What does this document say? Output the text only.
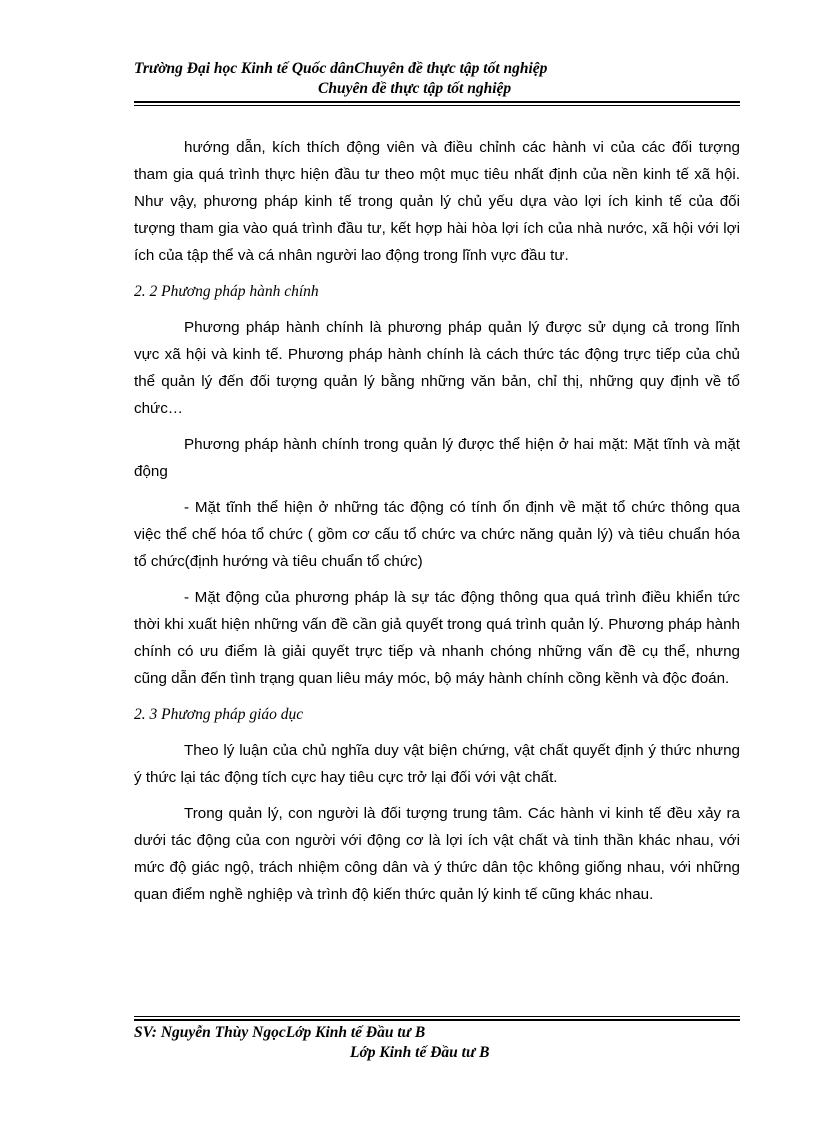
Trường Đại học Kinh tế Quốc dânChuyên đề thực tập tốt nghiệp
Chuyên đề thực tập tốt nghiệp

hướng dẫn, kích thích động viên và điều chỉnh các hành vi của các đối tượng tham gia quá trình thực hiện đầu tư theo một mục tiêu nhất định của nền kinh tế xã hội. Như vậy, phương pháp kinh tế trong quản lý chủ yếu dựa vào lợi ích kinh tế của đối tượng tham gia vào quá trình đầu tư, kết hợp hài hòa lợi ích của nhà nước, xã hội với lợi ích của tập thể và cá nhân người lao động trong lĩnh vực đầu tư.

2. 2 Phương pháp hành chính

Phương pháp hành chính là phương pháp quản lý được sử dụng cả trong lĩnh vực xã hội và kinh tế. Phương pháp hành chính là cách thức tác động trực tiếp của chủ thể quản lý đến đối tượng quản lý bằng những văn bản, chỉ thị, những quy định về tổ chức…

Phương pháp hành chính trong quản lý được thể hiện ở hai mặt: Mặt tĩnh và mặt động

- Mặt tĩnh thể hiện ở những tác động có tính ổn định về mặt tổ chức thông qua việc thể chế hóa tổ chức ( gồm cơ cấu tổ chức va chức năng quản lý) và tiêu chuẩn hóa tổ chức(định hướng và tiêu chuẩn tổ chức)

- Mặt động của phương pháp là sự tác động thông qua quá trình điều khiển tức thời khi xuất hiện những vấn đề cần giả quyết trong quá trình quản lý. Phương pháp hành chính có ưu điểm là giải quyết trực tiếp và nhanh chóng những vấn đề cụ thể, nhưng cũng dẫn đến tình trạng quan liêu máy móc, bộ máy hành chính cồng kềnh và độc đoán.

2. 3 Phương pháp giáo dục

Theo lý luận của chủ nghĩa duy vật biện chứng, vật chất quyết định ý thức nhưng ý thức lại tác động tích cực hay tiêu cực trở lại đối với vật chất.

Trong quản lý, con người là đối tượng trung tâm. Các hành vi kinh tế đều xảy ra dưới tác động của con người với động cơ là lợi ích vật chất và tinh thần khác nhau, với mức độ giác ngộ, trách nhiệm công dân và ý thức dân tộc không giống nhau, với những quan điểm nghề nghiệp và trình độ kiến thức quản lý kinh tế cũng khác nhau.

SV: Nguyễn Thùy NgọcLớp Kinh tế Đầu tư B
Lớp Kinh tế Đầu tư B
